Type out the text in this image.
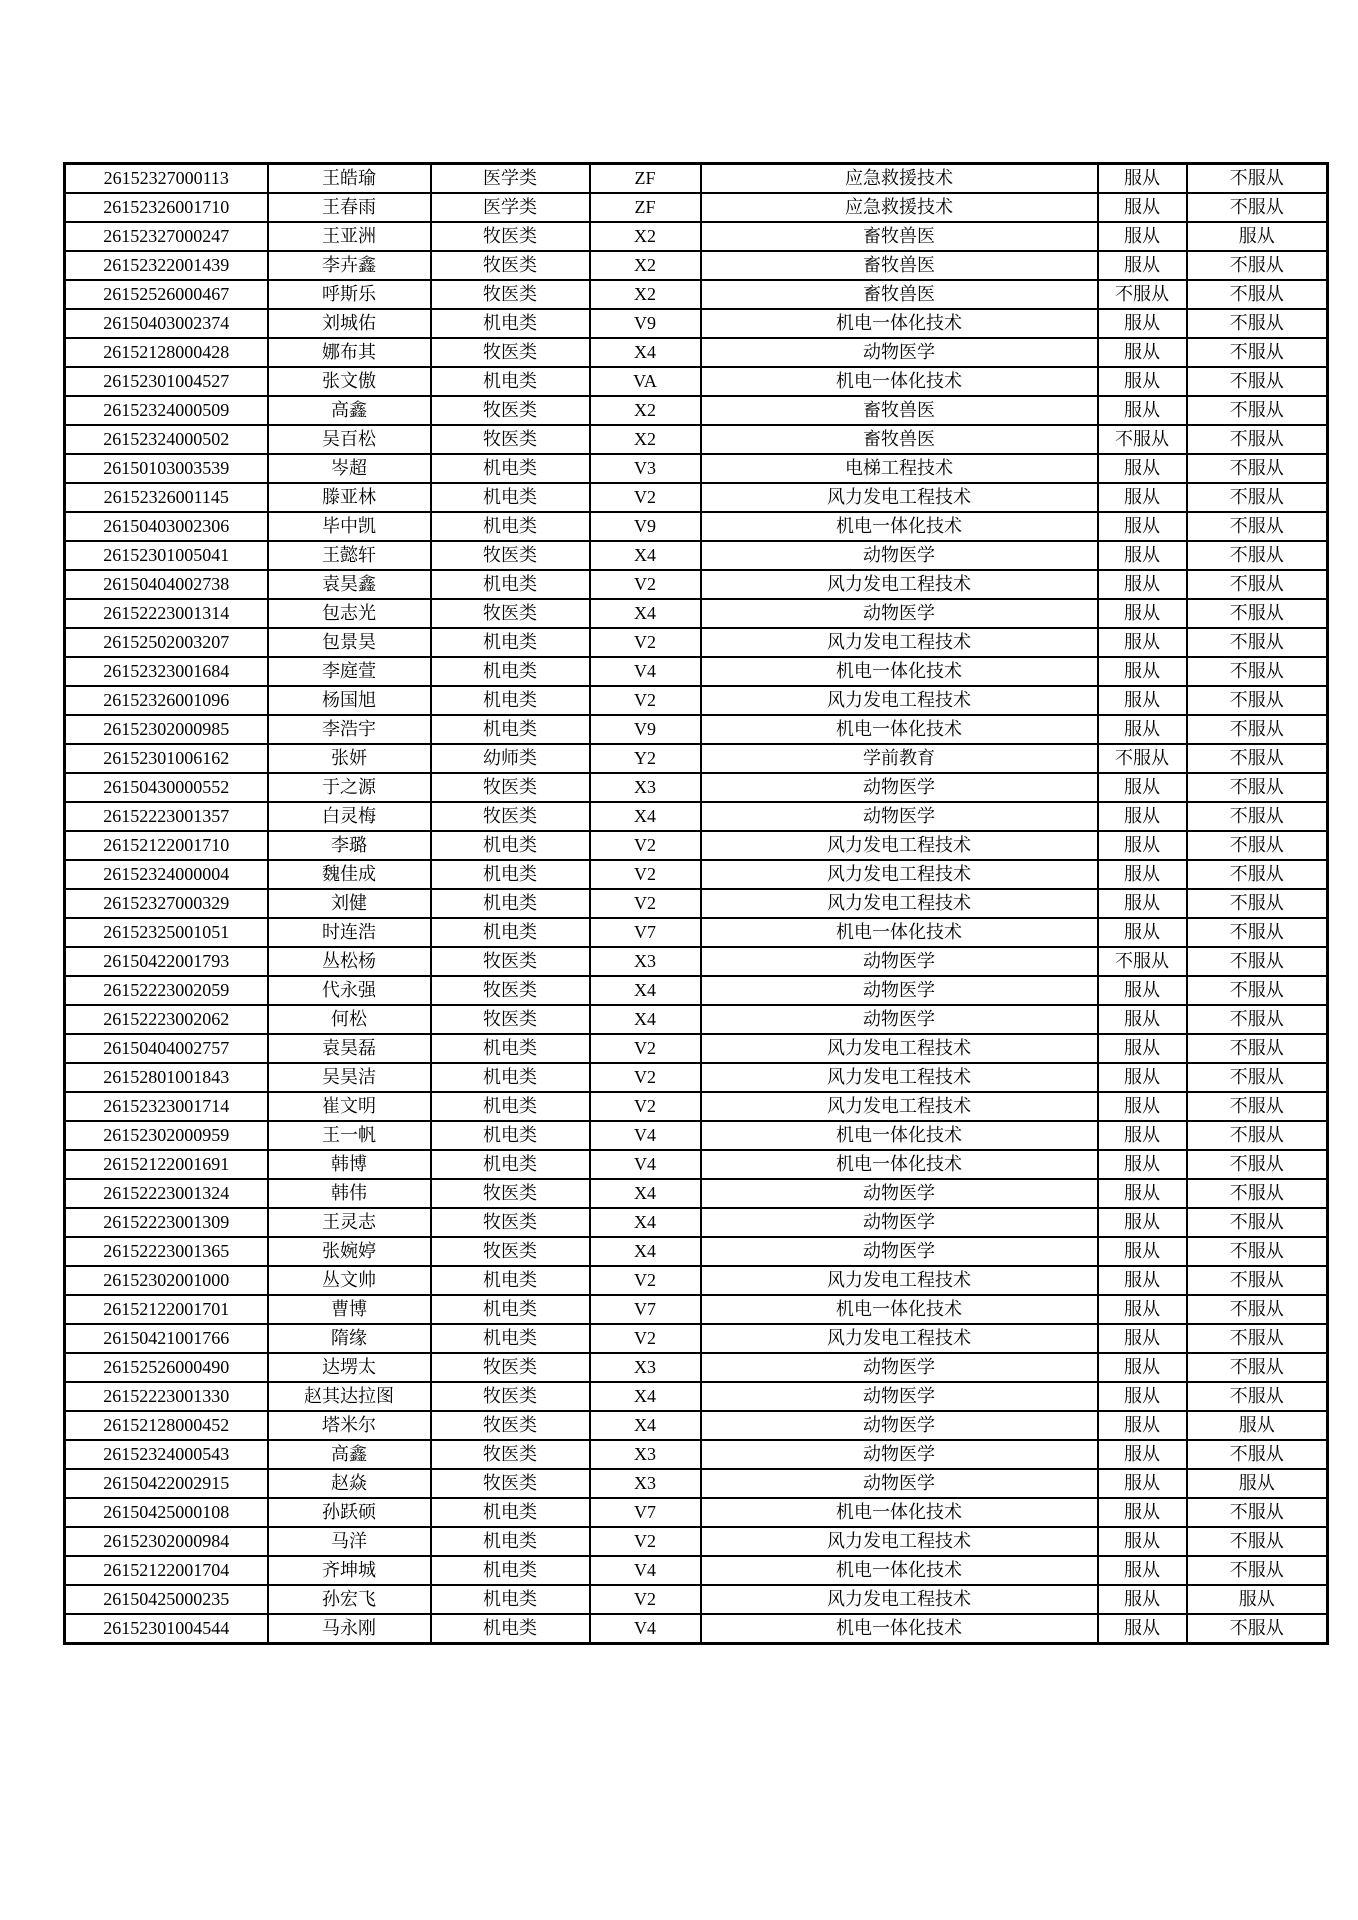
26152327000113	王皓瑜	医学类	ZF	应急救援技术	服从	不服从
26152326001710	王春雨	医学类	ZF	应急救援技术	服从	不服从
26152327000247	王亚洲	牧医类	X2	畜牧兽医	服从	服从
26152322001439	李卉鑫	牧医类	X2	畜牧兽医	服从	不服从
26152526000467	呼斯乐	牧医类	X2	畜牧兽医	不服从	不服从
26150403002374	刘城佑	机电类	V9	机电一体化技术	服从	不服从
26152128000428	娜布其	牧医类	X4	动物医学	服从	不服从
26152301004527	张文傲	机电类	VA	机电一体化技术	服从	不服从
26152324000509	高鑫	牧医类	X2	畜牧兽医	服从	不服从
26152324000502	吴百松	牧医类	X2	畜牧兽医	不服从	不服从
26150103003539	岑超	机电类	V3	电梯工程技术	服从	不服从
26152326001145	滕亚林	机电类	V2	风力发电工程技术	服从	不服从
26150403002306	毕中凯	机电类	V9	机电一体化技术	服从	不服从
26152301005041	王懿轩	牧医类	X4	动物医学	服从	不服从
26150404002738	袁昊鑫	机电类	V2	风力发电工程技术	服从	不服从
26152223001314	包志光	牧医类	X4	动物医学	服从	不服从
26152502003207	包景昊	机电类	V2	风力发电工程技术	服从	不服从
26152323001684	李庭萱	机电类	V4	机电一体化技术	服从	不服从
26152326001096	杨国旭	机电类	V2	风力发电工程技术	服从	不服从
26152302000985	李浩宇	机电类	V9	机电一体化技术	服从	不服从
26152301006162	张妍	幼师类	Y2	学前教育	不服从	不服从
26150430000552	于之源	牧医类	X3	动物医学	服从	不服从
26152223001357	白灵梅	牧医类	X4	动物医学	服从	不服从
26152122001710	李璐	机电类	V2	风力发电工程技术	服从	不服从
26152324000004	魏佳成	机电类	V2	风力发电工程技术	服从	不服从
26152327000329	刘健	机电类	V2	风力发电工程技术	服从	不服从
26152325001051	时连浩	机电类	V7	机电一体化技术	服从	不服从
26150422001793	丛松杨	牧医类	X3	动物医学	不服从	不服从
26152223002059	代永强	牧医类	X4	动物医学	服从	不服从
26152223002062	何松	牧医类	X4	动物医学	服从	不服从
26150404002757	袁昊磊	机电类	V2	风力发电工程技术	服从	不服从
26152801001843	吴昊洁	机电类	V2	风力发电工程技术	服从	不服从
26152323001714	崔文明	机电类	V2	风力发电工程技术	服从	不服从
26152302000959	王一帆	机电类	V4	机电一体化技术	服从	不服从
26152122001691	韩博	机电类	V4	机电一体化技术	服从	不服从
26152223001324	韩伟	牧医类	X4	动物医学	服从	不服从
26152223001309	王灵志	牧医类	X4	动物医学	服从	不服从
26152223001365	张婉婷	牧医类	X4	动物医学	服从	不服从
26152302001000	丛文帅	机电类	V2	风力发电工程技术	服从	不服从
26152122001701	曹博	机电类	V7	机电一体化技术	服从	不服从
26150421001766	隋缘	机电类	V2	风力发电工程技术	服从	不服从
26152526000490	达塄太	牧医类	X3	动物医学	服从	不服从
26152223001330	赵其达拉图	牧医类	X4	动物医学	服从	不服从
26152128000452	塔米尔	牧医类	X4	动物医学	服从	服从
26152324000543	高鑫	牧医类	X3	动物医学	服从	不服从
26150422002915	赵焱	牧医类	X3	动物医学	服从	服从
26150425000108	孙跃硕	机电类	V7	机电一体化技术	服从	不服从
26152302000984	马洋	机电类	V2	风力发电工程技术	服从	不服从
26152122001704	齐坤城	机电类	V4	机电一体化技术	服从	不服从
26150425000235	孙宏飞	机电类	V2	风力发电工程技术	服从	服从
26152301004544	马永刚	机电类	V4	机电一体化技术	服从	不服从
